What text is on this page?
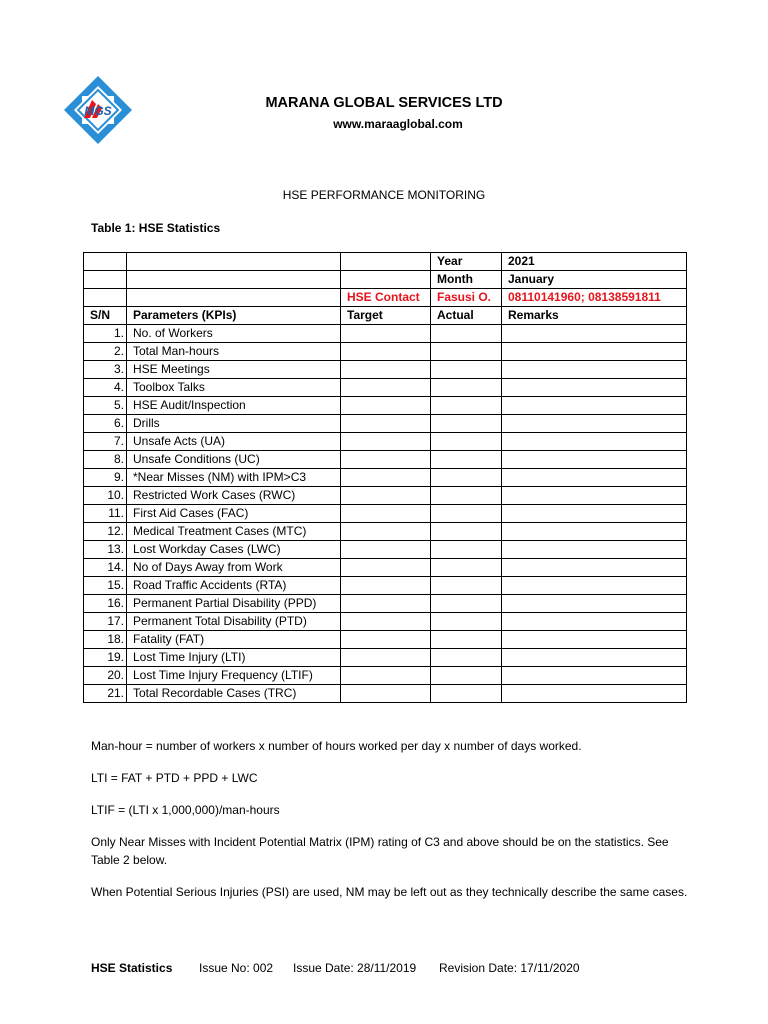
MGS	MARANA GLOBAL SERVICES LTD
www.maraaglobal.com
HSE PERFORMANCE MONITORING
Table 1: HSE Statistics
			Year	2021
			Month	January
		HSE Contact	Fasusi O.	08110141960; 08138591811
S/N	Parameters (KPIs)	Target	Actual	Remarks
1.	No. of Workers			
2.	Total Man-hours			
3.	HSE Meetings			
4.	Toolbox Talks			
5.	HSE Audit/Inspection			
6.	Drills			
7.	Unsafe Acts (UA)			
8.	Unsafe Conditions (UC)			
9.	*Near Misses (NM) with IPM>C3			
10.	Restricted Work Cases (RWC)			
11.	First Aid Cases (FAC)			
12.	Medical Treatment Cases (MTC)			
13.	Lost Workday Cases (LWC)			
14.	No of Days Away from Work			
15.	Road Traffic Accidents (RTA)			
16.	Permanent Partial Disability (PPD)			
17.	Permanent Total Disability (PTD)			
18.	Fatality (FAT)			
19.	Lost Time Injury (LTI)			
20.	Lost Time Injury Frequency (LTIF)			
21.	Total Recordable Cases (TRC)			

Man-hour = number of workers x number of hours worked per day x number of days worked.

LTI = FAT + PTD + PPD + LWC

LTIF = (LTI x 1,000,000)/man-hours

Only Near Misses with Incident Potential Matrix (IPM) rating of C3 and above should be on the statistics. See Table 2 below.

When Potential Serious Injuries (PSI) are used, NM may be left out as they technically describe the same cases.

HSE Statistics Issue No: 002 Issue Date: 28/11/2019 Revision Date: 17/11/2020
